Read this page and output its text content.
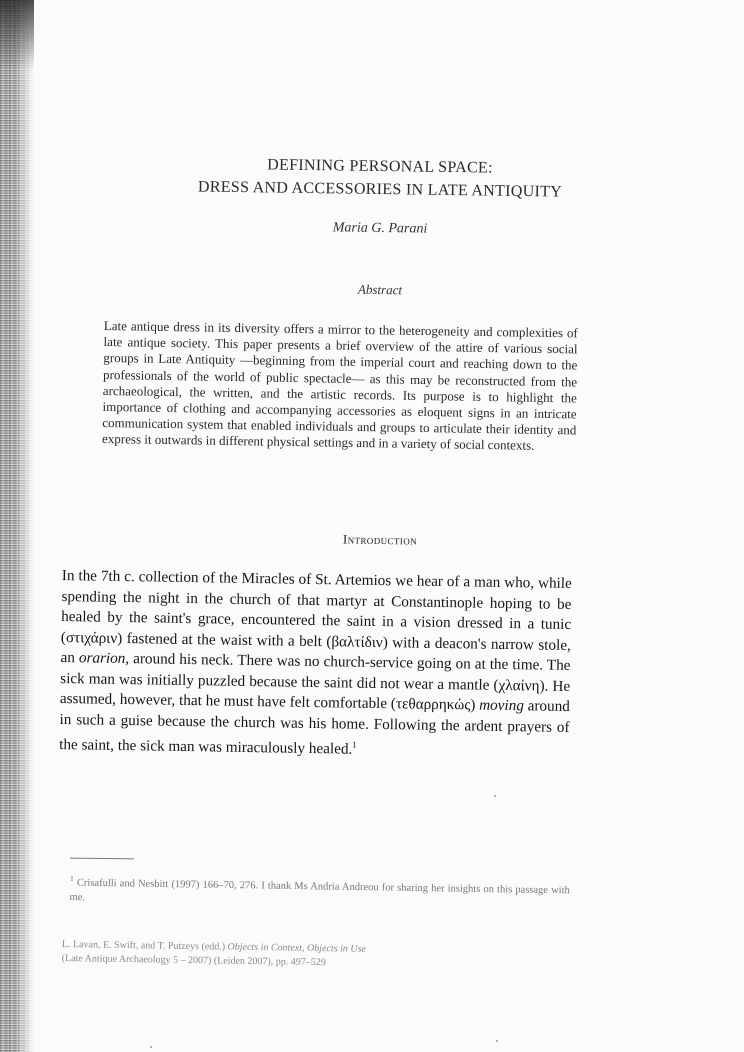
DEFINING PERSONAL SPACE:
DRESS AND ACCESSORIES IN LATE ANTIQUITY
Maria G. Parani
Abstract
Late antique dress in its diversity offers a mirror to the heterogeneity and complexities of late antique society. This paper presents a brief overview of the attire of various social groups in Late Antiquity —beginning from the imperial court and reaching down to the professionals of the world of public spectacle— as this may be reconstructed from the archaeological, the written, and the artistic records. Its purpose is to highlight the importance of clothing and accompanying accessories as eloquent signs in an intricate communication system that enabled individuals and groups to articulate their identity and express it outwards in different physical settings and in a variety of social contexts.
Introduction
In the 7th c. collection of the Miracles of St. Artemios we hear of a man who, while spending the night in the church of that martyr at Constantinople hoping to be healed by the saint's grace, encountered the saint in a vision dressed in a tunic (στιχάριν) fastened at the waist with a belt (βαλτίδιν) with a deacon's narrow stole, an orarion, around his neck. There was no church-service going on at the time. The sick man was initially puzzled because the saint did not wear a mantle (χλαίνη). He assumed, however, that he must have felt comfortable (τεθαρρηκώς) moving around in such a guise because the church was his home. Following the ardent prayers of the saint, the sick man was miraculously healed.$^1$
$^1$ Crisafulli and Nesbitt (1997) 166–70, 276. I thank Ms Andria Andreou for sharing her insights on this passage with me.
L. Lavan, E. Swift, and T. Putzeys (edd.) Objects in Context, Objects in Use
(Late Antique Archaeology 5 – 2007) (Leiden 2007), pp. 497–529
